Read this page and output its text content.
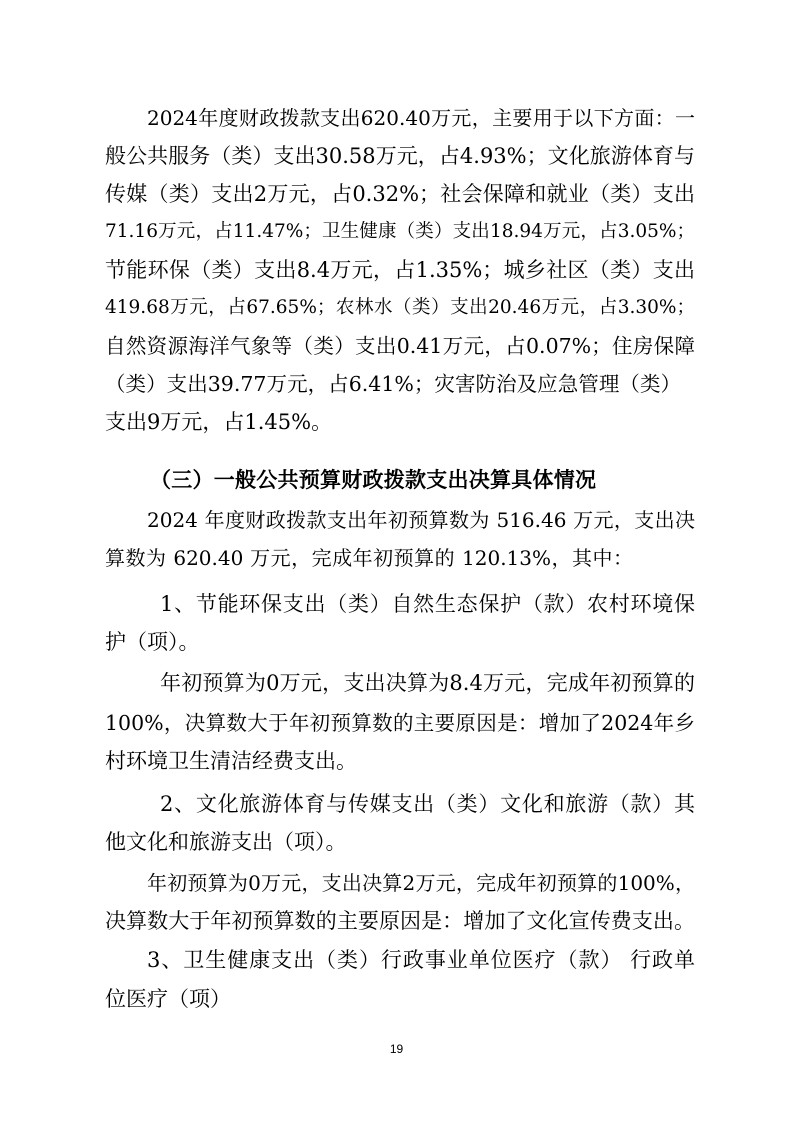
2024年度财政拨款支出620.40万元，主要用于以下方面：一
般公共服务（类）支出30.58万元，占4.93%；文化旅游体育与
传媒（类）支出2万元，占0.32%；社会保障和就业（类）支出
71.16万元，占11.47%；卫生健康（类）支出18.94万元，占3.05%；
节能环保（类）支出8.4万元，占1.35%；城乡社区（类）支出
419.68万元，占67.65%；农林水（类）支出20.46万元，占3.30%；
自然资源海洋气象等（类）支出0.41万元，占0.07%；住房保障
（类）支出39.77万元，占6.41%；灾害防治及应急管理（类）
支出9万元，占1.45%。
（三）一般公共预算财政拨款支出决算具体情况
2024 年度财政拨款支出年初预算数为 516.46 万元，支出决
算数为 620.40 万元，完成年初预算的 120.13%，其中：
1、节能环保支出（类）自然生态保护（款）农村环境保
护（项）。
年初预算为0万元，支出决算为8.4万元，完成年初预算的
100%，决算数大于年初预算数的主要原因是：增加了2024年乡
村环境卫生清洁经费支出。
2、文化旅游体育与传媒支出（类）文化和旅游（款）其
他文化和旅游支出（项）。
年初预算为0万元，支出决算2万元，完成年初预算的100%，
决算数大于年初预算数的主要原因是：增加了文化宣传费支出。
3、卫生健康支出（类）行政事业单位医疗（款） 行政单
位医疗（项）
19
